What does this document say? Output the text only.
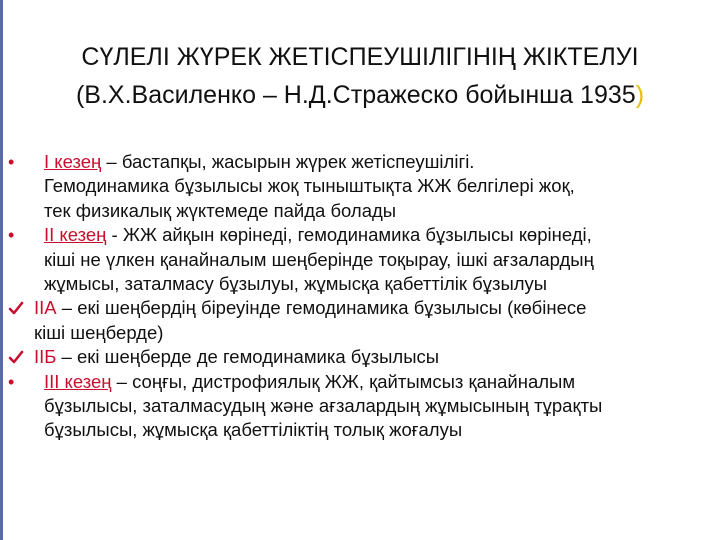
СҮЛЕЛІ ЖҮРЕК ЖЕТІСПЕУШІЛІГІНІҢ ЖІКТЕЛУІ
(В.Х.Василенко – Н.Д.Стражеско бойынша 1935)
• I кезең – бастапқы, жасырын жүрек жетіспеушілігі.
Гемодинамика бұзылысы жоқ тыныштықта ЖЖ белгілері жоқ,
тек физикалық жүктемеде пайда болады
• II кезең - ЖЖ айқын көрінеді, гемодинамика бұзылысы көрінеді,
кіші не үлкен қанайналым шеңберінде тоқырау, ішкі ағзалардың
жұмысы, заталмасу бұзылуы, жұмысқа қабеттілік бұзылуы
IIА – екі шеңбердің біреуінде гемодинамика бұзылысы (көбінесе
кіші шеңберде)
IIБ – екі шеңберде де гемодинамика бұзылысы
• III кезең – соңғы, дистрофиялық ЖЖ, қайтымсыз қанайналым
бұзылысы, заталмасудың және ағзалардың жұмысының тұрақты
бұзылысы, жұмысқа қабеттіліктің толық жоғалуы
